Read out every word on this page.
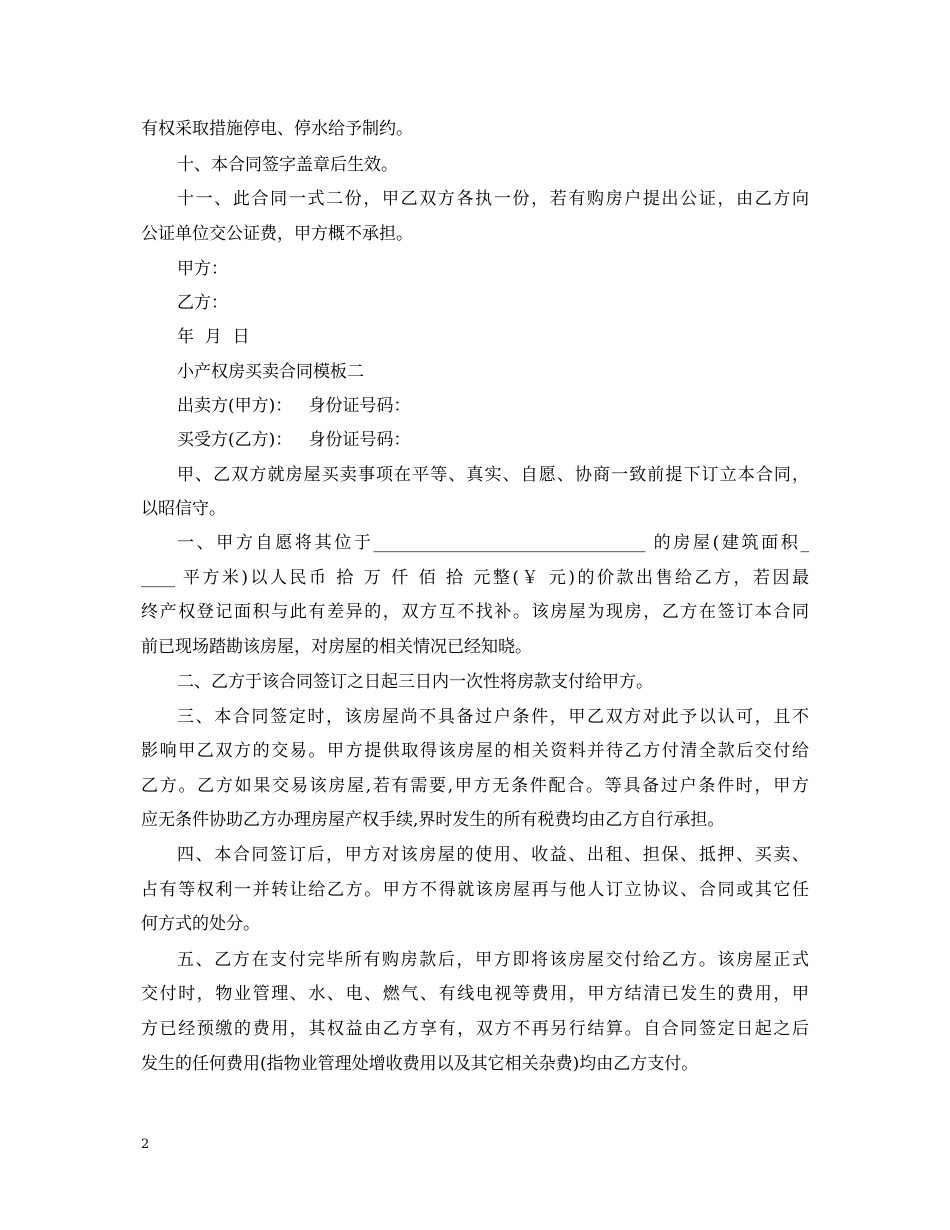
有权采取措施停电、停水给予制约。
十、本合同签字盖章后生效。
十一、此合同一式二份，甲乙双方各执一份，若有购房户提出公证，由乙方向
公证单位交公证费，甲方概不承担。
甲方：
乙方：
年  月  日
小产权房买卖合同模板二
出卖方(甲方)：   身份证号码：
买受方(乙方)：   身份证号码：
甲、乙双方就房屋买卖事项在平等、真实、自愿、协商一致前提下订立本合同，
以昭信守。
一、甲方自愿将其位于________________________________ 的房屋(建筑面积_
____ 平方米)以人民币 拾 万 仟 佰 拾 元整(￥ 元)的价款出售给乙方，若因最
终产权登记面积与此有差异的，双方互不找补。该房屋为现房，乙方在签订本合同
前已现场踏勘该房屋，对房屋的相关情况已经知晓。
二、乙方于该合同签订之日起三日内一次性将房款支付给甲方。
三、本合同签定时，该房屋尚不具备过户条件，甲乙双方对此予以认可，且不
影响甲乙双方的交易。甲方提供取得该房屋的相关资料并待乙方付清全款后交付给
乙方。乙方如果交易该房屋,若有需要,甲方无条件配合。等具备过户条件时，甲方
应无条件协助乙方办理房屋产权手续,界时发生的所有税费均由乙方自行承担。
四、本合同签订后，甲方对该房屋的使用、收益、出租、担保、抵押、买卖、
占有等权利一并转让给乙方。甲方不得就该房屋再与他人订立协议、合同或其它任
何方式的处分。
五、乙方在支付完毕所有购房款后，甲方即将该房屋交付给乙方。该房屋正式
交付时，物业管理、水、电、燃气、有线电视等费用，甲方结清已发生的费用，甲
方已经预缴的费用，其权益由乙方享有，双方不再另行结算。自合同签定日起之后
发生的任何费用(指物业管理处增收费用以及其它相关杂费)均由乙方支付。
2
